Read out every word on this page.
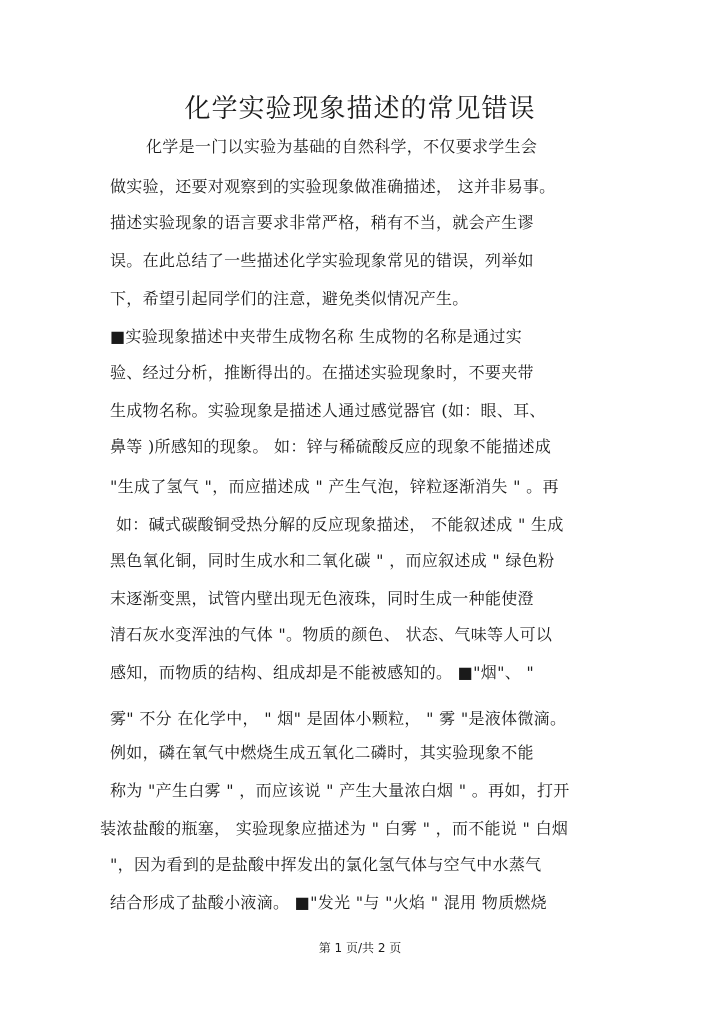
化学实验现象描述的常见错误
化学是一门以实验为基础的自然科学，不仅要求学生会
做实验，还要对观察到的实验现象做准确描述， 这并非易事。
描述实验现象的语言要求非常严格，稍有不当，就会产生谬
误。在此总结了一些描述化学实验现象常见的错误，列举如
下，希望引起同学们的注意，避免类似情况产生。
■实验现象描述中夹带生成物名称 生成物的名称是通过实
验、经过分析，推断得出的。在描述实验现象时，不要夹带
生成物名称。实验现象是描述人通过感觉器官 (如：眼、耳、
鼻等 )所感知的现象。 如：锌与稀硫酸反应的现象不能描述成
"生成了氢气 "，而应描述成 " 产生气泡，锌粒逐渐消失 " 。再
如：碱式碳酸铜受热分解的反应现象描述， 不能叙述成 " 生成
黑色氧化铜，同时生成水和二氧化碳 " ，而应叙述成 " 绿色粉
末逐渐变黑，试管内壁出现无色液珠，同时生成一种能使澄
清石灰水变浑浊的气体 "。物质的颜色、 状态、气味等人可以
感知，而物质的结构、组成却是不能被感知的。 ■"烟"、 "
雾" 不分 在化学中， " 烟" 是固体小颗粒， " 雾 "是液体微滴。
例如，磷在氧气中燃烧生成五氧化二磷时，其实验现象不能
称为 "产生白雾 " ，而应该说 " 产生大量浓白烟 " 。再如，打开
装浓盐酸的瓶塞， 实验现象应描述为 " 白雾 " ，而不能说 " 白烟
"，因为看到的是盐酸中挥发出的氯化氢气体与空气中水蒸气
结合形成了盐酸小液滴。 ■"发光 "与 "火焰 " 混用 物质燃烧
第 1 页/共 2 页
